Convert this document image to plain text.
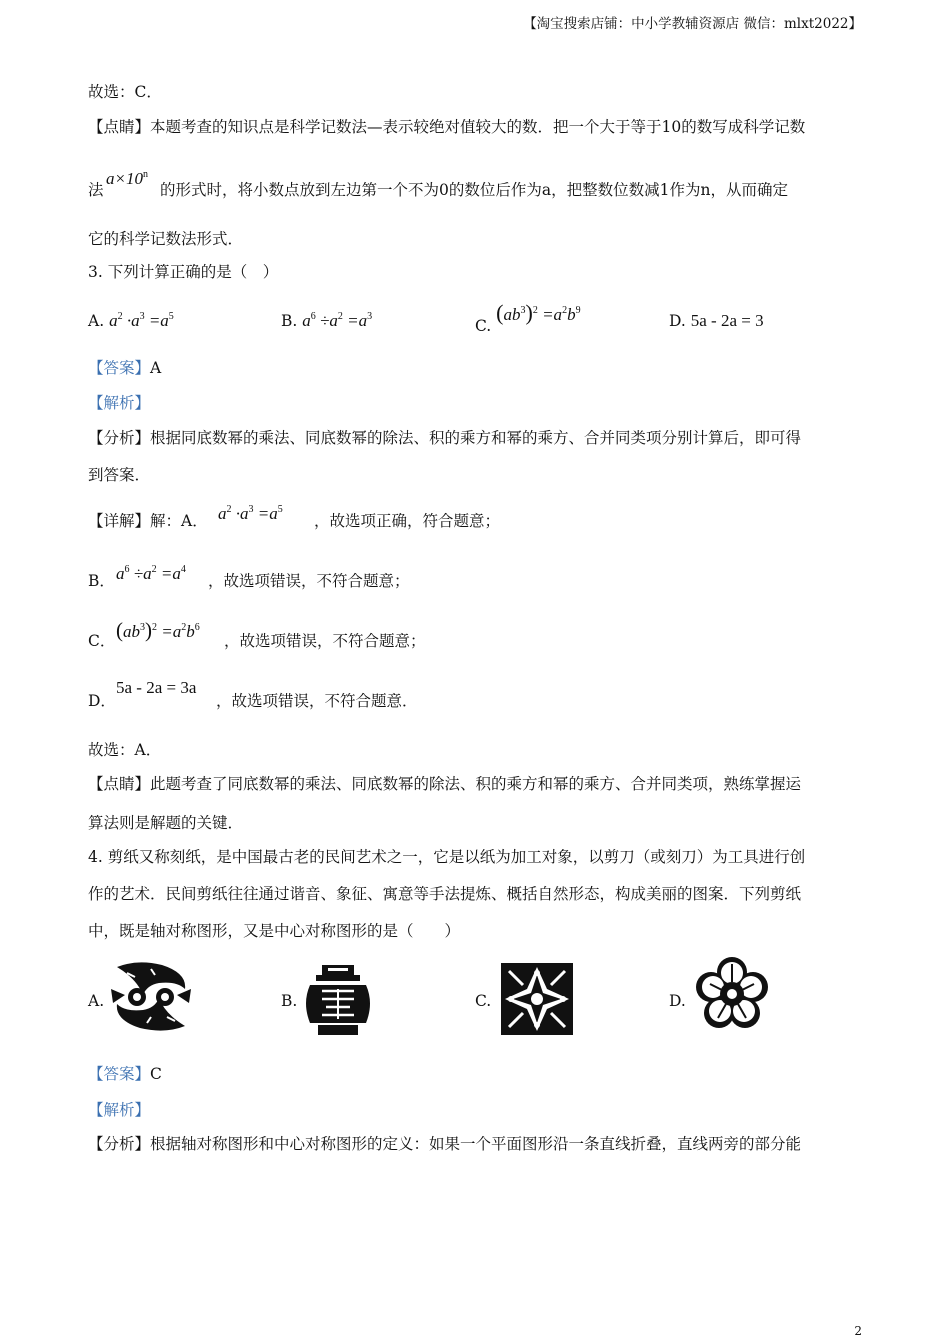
【淘宝搜索店铺：中小学教辅资源店 微信：mlxt2022】
故选：C．
【点睛】本题考查的知识点是科学记数法—表示较绝对值较大的数．把一个大于等于10的数写成科学记数
法
$a\times 10^n$
的形式时，将小数点放到左边第一个不为0的数位后作为a，把整数位数减1作为n，从而确定
它的科学记数法形式．
3. 下列计算正确的是（　）
A. $a^2 \cdot a^3 =a^5$	B. $a^6 \div a^2 =a^3$
C. $(ab^3)^2 =a^2b^9$
D. 5a - 2a = 3
【答案】A
【解析】
【分析】根据同底数幂的乘法、同底数幂的除法、积的乘方和幂的乘方、合并同类项分别计算后，即可得
到答案．
【详解】解：A． $a^2 \cdot a^3 =a^5$
，故选项正确，符合题意；
B． $a^6 \div a^2 =a^4$
，故选项错误，不符合题意；
C． $(ab^3)^2 =a^2b^6$
，故选项错误，不符合题意；
D．
5a - 2a = 3a
，故选项错误，不符合题意．
故选：A．
【点睛】此题考查了同底数幂的乘法、同底数幂的除法、积的乘方和幂的乘方、合并同类项，熟练掌握运
算法则是解题的关键．
4. 剪纸又称刻纸，是中国最古老的民间艺术之一，它是以纸为加工对象，以剪刀（或刻刀）为工具进行创
作的艺术．民间剪纸往往通过谐音、象征、寓意等手法提炼、概括自然形态，构成美丽的图案．下列剪纸
中，既是轴对称图形，又是中心对称图形的是（　　）
A.	B.	C.	D.
【答案】C
【解析】
【分析】根据轴对称图形和中心对称图形的定义：如果一个平面图形沿一条直线折叠，直线两旁的部分能
2
